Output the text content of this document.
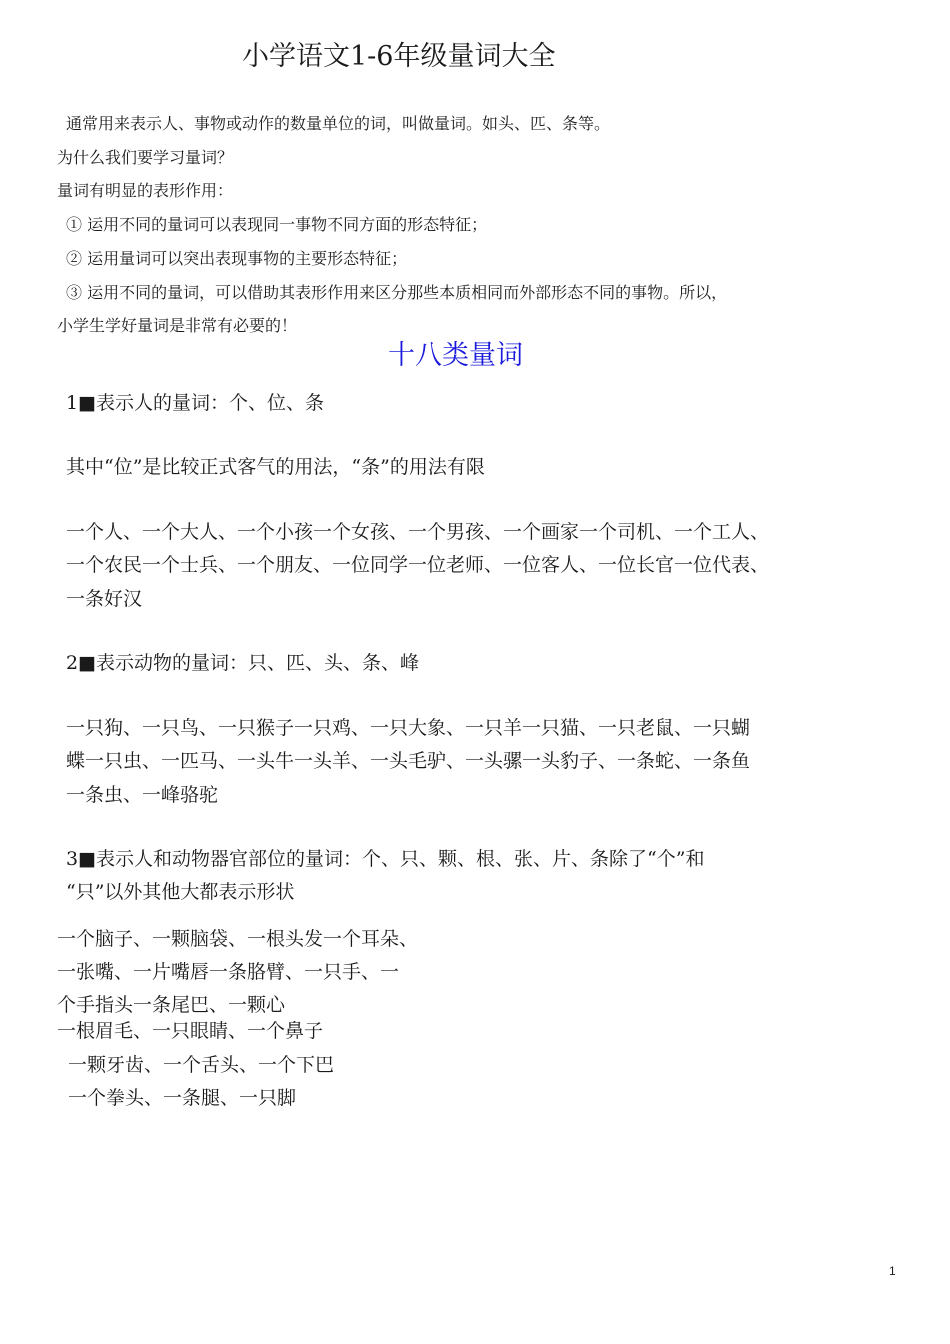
小学语文1-6年级量词大全
通常用来表示人、事物或动作的数量单位的词，叫做量词。如头、匹、条等。
为什么我们要学习量词？
量词有明显的表形作用：
① 运用不同的量词可以表现同一事物不同方面的形态特征；
② 运用量词可以突出表现事物的主要形态特征；
③ 运用不同的量词，可以借助其表形作用来区分那些本质相同而外部形态不同的事物。所以，
小学生学好量词是非常有必要的！
十八类量词
1■表示人的量词：个、位、条
其中“位”是比较正式客气的用法，“条”的用法有限
一个人、一个大人、一个小孩一个女孩、一个男孩、一个画家一个司机、一个工人、
一个农民一个士兵、一个朋友、一位同学一位老师、一位客人、一位长官一位代表、
一条好汉
2■表示动物的量词：只、匹、头、条、峰
一只狗、一只鸟、一只猴子一只鸡、一只大象、一只羊一只猫、一只老鼠、一只蝴
蝶一只虫、一匹马、一头牛一头羊、一头毛驴、一头骡一头豹子、一条蛇、一条鱼
一条虫、一峰骆驼
3■表示人和动物器官部位的量词：个、只、颗、根、张、片、条除了“个”和
“只”以外其他大都表示形状
一个脑子、一颗脑袋、一根头发一个耳朵、
一张嘴、一片嘴唇一条胳臂、一只手、一
个手指头一条尾巴、一颗心
一根眉毛、一只眼睛、一个鼻子
一颗牙齿、一个舌头、一个下巴
一个拳头、一条腿、一只脚
1
